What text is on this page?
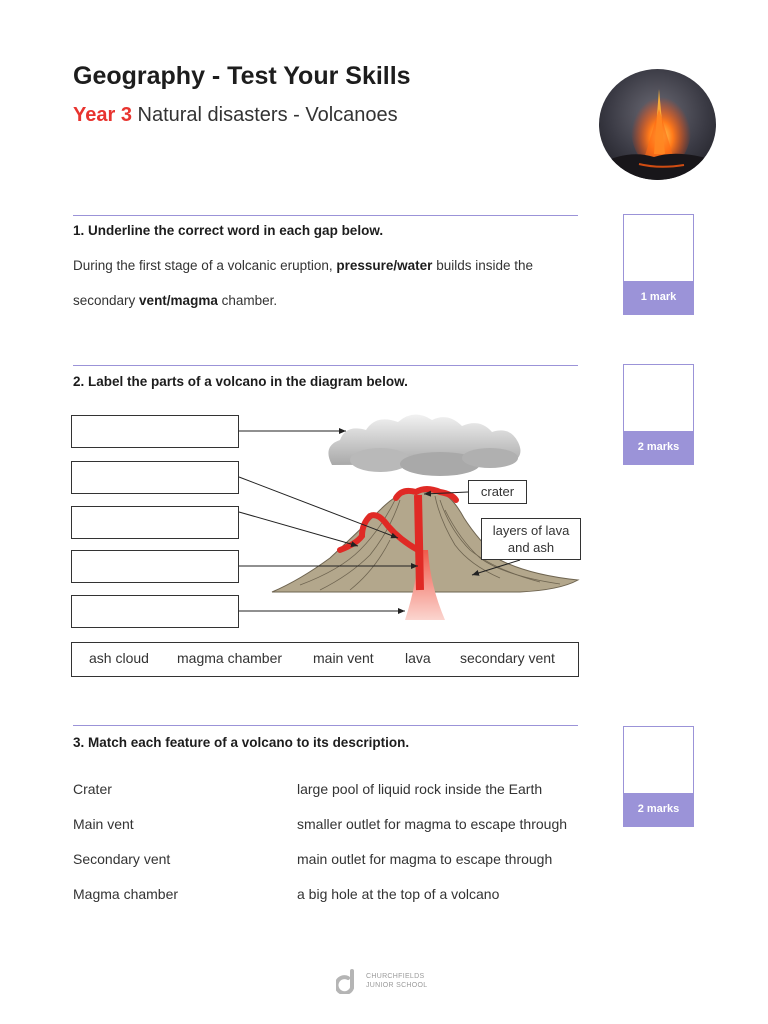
Geography - Test Your Skills
Year 3 Natural disasters - Volcanoes
1. Underline the correct word in each gap below.
During the first stage of a volcanic eruption, pressure/water builds inside the
secondary vent/magma chamber.	1 mark
2. Label the parts of a volcano in the diagram below.
2 marks
crater
layers of lava
and ash
ash cloud magma chamber main vent lava secondary vent
3. Match each feature of a volcano to its description.
2 marks
Crater
Main vent
Secondary vent
Magma chamber
large pool of liquid rock inside the Earth
smaller outlet for magma to escape through
main outlet for magma to escape through
a big hole at the top of a volcano
CHURCHFIELDS
JUNIOR SCHOOL
